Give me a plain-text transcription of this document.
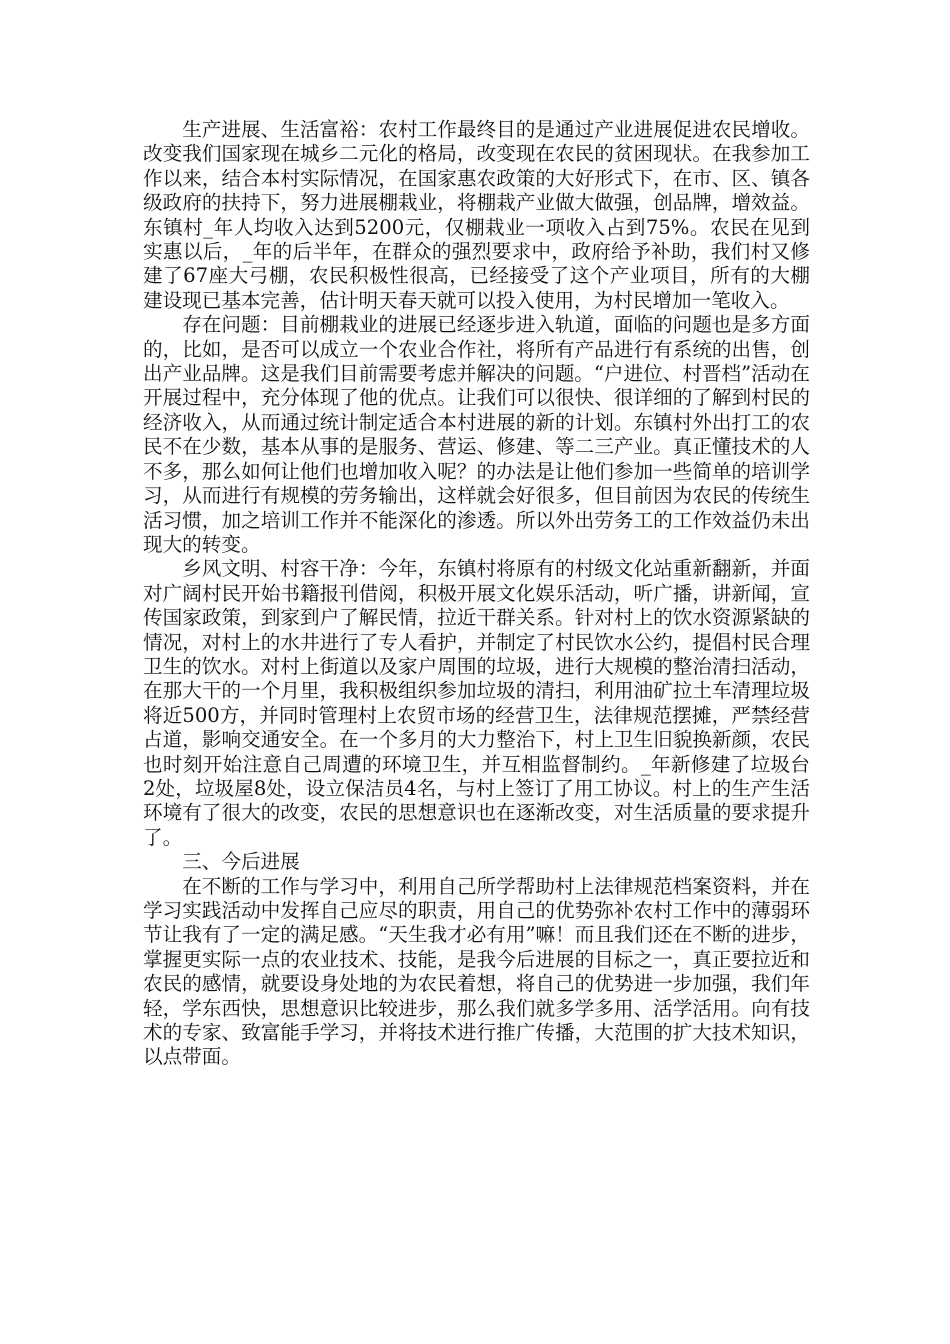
生产进展、生活富裕：农村工作最终目的是通过产业进展促进农民增收。改变我们国家现在城乡二元化的格局，改变现在农民的贫困现状。在我参加工作以来，结合本村实际情况，在国家惠农政策的大好形式下，在市、区、镇各级政府的扶持下，努力进展棚栽业，将棚栽产业做大做强，创品牌，增效益。东镇村_年人均收入达到5200元，仅棚栽业一项收入占到75%。农民在见到实惠以后，_年的后半年，在群众的强烈要求中，政府给予补助，我们村又修建了67座大弓棚，农民积极性很高，已经接受了这个产业项目，所有的大棚建设现已基本完善，估计明天春天就可以投入使用，为村民增加一笔收入。

存在问题：目前棚栽业的进展已经逐步进入轨道，面临的问题也是多方面的，比如，是否可以成立一个农业合作社，将所有产品进行有系统的出售，创出产业品牌。这是我们目前需要考虑并解决的问题。“户进位、村晋档”活动在开展过程中，充分体现了他的优点。让我们可以很快、很详细的了解到村民的经济收入，从而通过统计制定适合本村进展的新的计划。东镇村外出打工的农民不在少数，基本从事的是服务、营运、修建、等二三产业。真正懂技术的人不多，那么如何让他们也增加收入呢？的办法是让他们参加一些简单的培训学习，从而进行有规模的劳务输出，这样就会好很多，但目前因为农民的传统生活习惯，加之培训工作并不能深化的渗透。所以外出劳务工的工作效益仍未出现大的转变。

乡风文明、村容干净：今年，东镇村将原有的村级文化站重新翻新，并面对广阔村民开始书籍报刊借阅，积极开展文化娱乐活动，听广播，讲新闻，宣传国家政策，到家到户了解民情，拉近干群关系。针对村上的饮水资源紧缺的情况，对村上的水井进行了专人看护，并制定了村民饮水公约，提倡村民合理卫生的饮水。对村上街道以及家户周围的垃圾，进行大规模的整治清扫活动，在那大干的一个月里，我积极组织参加垃圾的清扫，利用油矿拉土车清理垃圾将近500方，并同时管理村上农贸市场的经营卫生，法律规范摆摊，严禁经营占道，影响交通安全。在一个多月的大力整治下，村上卫生旧貌换新颜，农民也时刻开始注意自己周遭的环境卫生，并互相监督制约。_年新修建了垃圾台2处，垃圾屋8处，设立保洁员4名，与村上签订了用工协议。村上的生产生活环境有了很大的改变，农民的思想意识也在逐渐改变，对生活质量的要求提升了。

三、今后进展

在不断的工作与学习中，利用自己所学帮助村上法律规范档案资料，并在学习实践活动中发挥自己应尽的职责，用自己的优势弥补农村工作中的薄弱环节让我有了一定的满足感。“天生我才必有用”嘛！而且我们还在不断的进步，掌握更实际一点的农业技术、技能，是我今后进展的目标之一，真正要拉近和农民的感情，就要设身处地的为农民着想，将自己的优势进一步加强，我们年轻，学东西快，思想意识比较进步，那么我们就多学多用、活学活用。向有技术的专家、致富能手学习，并将技术进行推广传播，大范围的扩大技术知识，以点带面。
